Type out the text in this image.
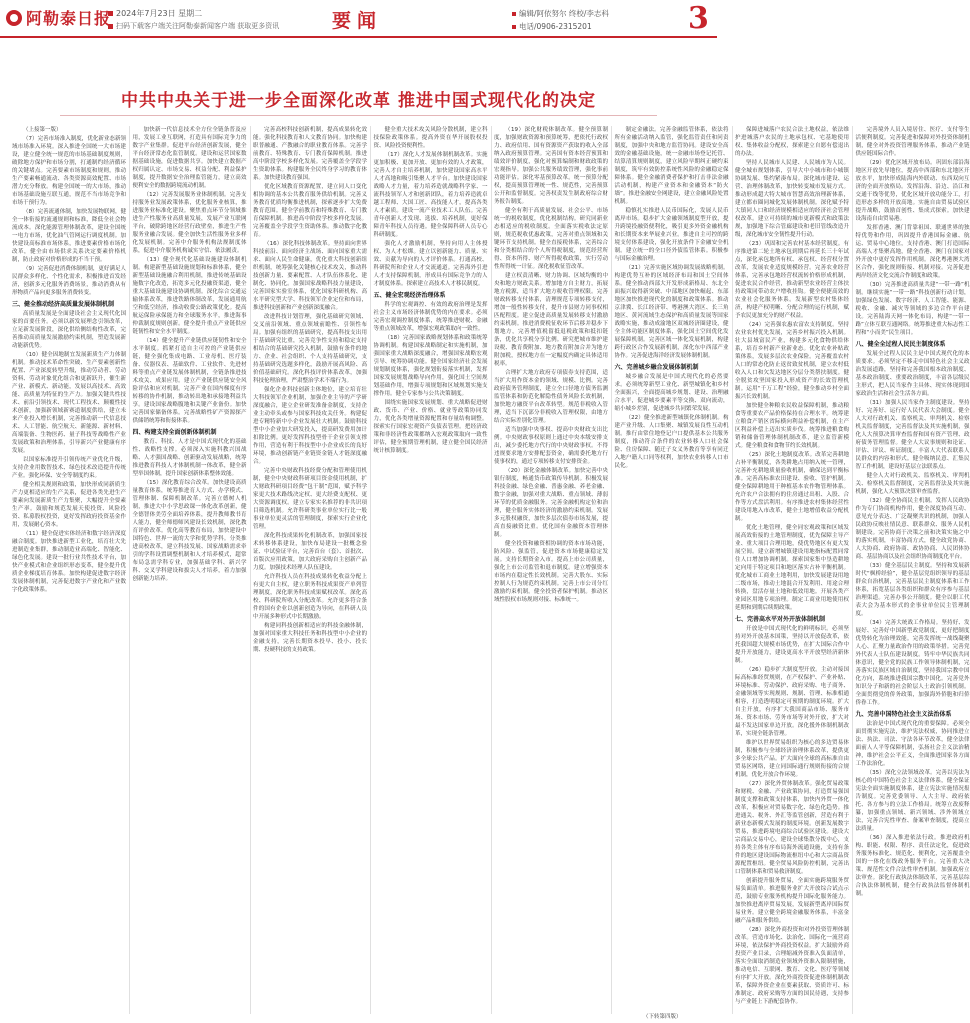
阿勒泰日报 2024年7月23日 星期二
扫码下载客户端关注阿勒泰新闻客户端 获取更多资讯	要闻	编辑/阿依努尔 终校/李志科
电话/0906-2315201	3
中共中央关于进一步全面深化改革 推进中国式现代化的决定

（上接第一版）

（7）完善市场准入制度，优化新业态新领域市场准入环境。深入推进全国统一大市场建设，建立健全统一规范的市场基础制度规则，破除地方保护和市场分割，打通制约经济循环的关键堵点。完善要素市场制度和规则，推动生产要素畅通流动、各类资源高效配置、市场潜力充分释放。构建全国统一的大市场，推动市场基础设施互联互通，规范不当市场竞争和市场干预行为。

（8）完善流通体制，加快发展物联网，健全一体衔接的流通规则和标准，降低全社会物流成本。深化能源管理体制改革，建设全国统一电力市场，优化油气管网运行调度机制。加快建设高标准市场体系，推进要素价格市场化改革，健全由市场供求关系决定要素价格机制，防止政府对价格形成的不当干预。

（9）完善促进消费体制机制，更好满足人民群众多样化、个性化需求，积极推进首发经济，创新多元化服务消费场景，推动消费从有形物质产品向更多服务消费转变。

三、健全推动经济高质量发展体制机制

高质量发展是全面建设社会主义现代化国家的首要任务。必须以新发展理念引领改革，立足新发展阶段，深化供给侧结构性改革，完善推动高质量发展激励约束机制，塑造发展新动能新优势。

（10）健全因地制宜发展新质生产力体制机制。推动技术革命性突破、生产要素创新性配置、产业深度转型升级，推动劳动者、劳动资料、劳动对象优化组合和更新跃升，催生新产业、新模式、新动能，发展以高技术、高效能、高质量为特征的生产力。加强关键共性技术、前沿引领技术、现代工程技术、颠覆性技术创新，加强新领域新赛道制度供给，建立未来产业投入增长机制，完善推动新一代信息技术、人工智能、航空航天、新能源、新材料、高端装备、生物医药、量子科技等战略性产业发展政策和治理体系，引导新兴产业健康有序发展。

以国家标准提升引领传统产业优化升级，支持企业用数智技术、绿色技术改造提升传统产业。强化环保、安全等制度约束。

健全相关规则和政策，加快形成同新质生产力更相适应的生产关系，促进各类先进生产要素向发展新质生产力集聚，大幅提升全要素生产率。鼓励和规范发展天使投资、风险投资、私募股权投资，更好发挥政府投资基金作用，发展耐心资本。

（11）健全促进实体经济和数字经济深度融合制度。加快推进新型工业化，培育壮大先进制造业集群，推动制造业高端化、智能化、绿色化发展。建设一批行业共性技术平台，加快产业模式和企业组织形态变革，健全提升优质企业梯度培育体系。加快构建促进数字经济发展体制机制，完善促进数字产业化和产业数字化政策体系。

加快新一代信息技术全方位全链条普及应用，发展工业互联网，打造具有国际竞争力的数字产业集群。促进平台经济创新发展，健全平台经济常态化监管制度。建设和运营国家数据基础设施，促进数据共享。加快建立数据产权归属认定、市场交易、权益分配、利益保护制度，提升数据安全治理监管能力，建立高效便利安全的数据跨境流动机制。

（12）完善发展服务业体制机制。完善支持服务业发展政策体系，优化服务业核算，推进服务业标准化建设。聚焦重点环节分领域推进生产性服务业高质量发展，发展产业互联网平台，破除跨地区经营行政壁垒，推进生产性服务业融合发展。健全加快生活性服务业多样化发展机制。完善中介服务机构法规制度体系，促进中介服务机构诚实守信、依法履责。

（13）健全现代化基础设施建设体制机制。构建新型基础设施规划和标准体系，健全新型基础设施融合利用机制，推进传统基础设施数字化改造，拓宽多元化投融资渠道，健全重大基础设施建设协调机制。深化综合交通运输体系改革，推进铁路体制改革，发展通用航空和低空经济，推动收费公路政策优化。提高航运保险承保能力和全球服务水平，推进海事仲裁制度规则创新。健全提升重点产业链供应链韧性和安全水平制度。

（14）健全提升产业链供应链韧性和安全水平制度。抓紧打造自主可控的产业链供应链，健全强化集成电路、工业母机、医疗装备、仪器仪表、基础软件、工业软件、先进材料等重点产业链发展体制机制，全链条推进技术攻关、成果应用。建立产业链供应链安全风险评估和应对机制。完善产业在国内梯度有序转移的协作机制，推动转出地和承接地利益共享。建设国家战略腹地和关键产业备份。加快完善国家储备体系。完善战略性矿产资源探产供储销统筹和衔接体系。

四、构建支持全面创新体制机制

教育、科技、人才是中国式现代化的基础性、战略性支撑。必须深入实施科教兴国战略、人才强国战略、创新驱动发展战略，统筹推进教育科技人才体制机制一体改革，健全新型举国体制，提升国家创新体系整体效能。

（15）深化教育综合改革。加快建设高质量教育体系，统筹推进育人方式、办学模式、管理体制、保障机制改革。完善立德树人机制，推进大中小学思政课一体化改革创新，健全德智体美劳全面培养体系，提升教师教书育人能力，健全师德师风建设长效机制，深化教育评价改革。优化高等教育布局，加快建设中国特色、世界一流的大学和优势学科。分类推进高校改革，建立科技发展、国家战略需求牵引的学科设置调整机制和人才培养模式，超常布局急需学科专业，加强基础学科、新兴学科、交叉学科建设和拔尖人才培养，着力加强创新能力培养。

完善高校科技创新机制，提高成果转化效能。强化科技教育和人文教育协同。加快构建职普融通、产教融合的职业教育体系。完善学前教育、特殊教育、专门教育保障机制。推进高中阶段学校多样化发展。完善覆盖全学段学生资助体系。构建服务全民终身学习的教育体系。加快建设教育强国。

优化区域教育资源配置，建立同人口变化相协调的基本公共教育服务供给机制。完善义务教育优质均衡推进机制，探索逐步扩大免费教育范围。健全学前教育和特殊教育、专门教育保障机制。推进高中阶段学校多样化发展。完善覆盖全学段学生资助体系。推动数字化教育。

（16）深化科技体制改革。坚持面向世界科技前沿、面向经济主战场、面向国家重大需求、面向人民生命健康，优化重大科技创新组织机制，统筹强化关键核心技术攻关，推动科技创新力量、要素配置、人才队伍体系化、建制化、协同化。加强国家战略科技力量建设，完善国家实验室体系，优化国家科研机构、高水平研究型大学、科技领军企业定位和布局，推进科技创新和产业创新深度融合。

改进科技计划管理，强化基础研究领域、交叉前沿领域、重点领域前瞻性、引领性布局。加强有组织的基础研究，提高科技支出用于基础研究比重，完善竞争性支持和稳定支持相结合的基础研究投入机制，鼓励有条件的地方、企业、社会组织、个人支持基础研究，支持基础研究选题多样化，鼓励开展高风险、高价值基础研究。深化科技评价体系改革，加强科技伦理治理，严肃整治学术不端行为。

强化企业科技创新主体地位，建立培育壮大科技领军企业机制，加强企业主导的产学研深度融合，建立企业研发准备金制度，支持企业主动牵头或参与国家科技攻关任务。构建促进专精特新中小企业发展壮大机制。鼓励科技型中小企业加大研发投入，提高研发费用加计扣除比例。更好发挥科技型骨干企业引领支撑作用，营造有利于科技型中小企业成长的良好环境，推动创新链产业链资金链人才链深度融合。

完善中央财政科技经费分配和管理使用机制，健全中央财政科研项目资金使用机制，扩大财政科研项目经费“包干制”范围，赋予科学家更大技术路线决定权、更大经费支配权、更大资源调度权。建立专家实名推荐的非共识项目筛选机制。允许科研类事业单位实行比一般事业单位更灵活的管理制度，探索实行企业化管理。

深化科技成果转化机制改革，加强国家技术转移体系建设，加快布局建设一批概念验证、中试验证平台，完善首台（套）、首批次、首版次应用政策，加大政府采购自主创新产品力度。加强技术经理人队伍建设。

允许科技人员在科技成果转化收益分配上有更大自主权，建立职务科技成果资产单列管理制度，深化职务科技成果赋权改革。深化高校、科研院所收入分配改革。允许更多符合条件的国有企业以创新创造为导向，在科研人员中开展多种形式中长期激励。

构建同科技创新相适应的科技金融体制，加强对国家重大科技任务和科技型中小企业的金融支持，完善长期资本投早、投小、投长期、投硬科技的支持政策。

健全重大技术攻关风险分散机制，建立科技保险政策体系。提高外资在华开展股权投资、风险投资便利性。

（17）深化人才发展体制机制改革。实施更加积极、更加开放、更加有效的人才政策，完善人才自主培养机制，加快建设国家高水平人才高地和吸引集聚人才平台。加快建设国家战略人才力量，着力培养造就战略科学家、一流科技领军人才和创新团队，着力培养造就卓越工程师、大国工匠、高技能人才，提高各类人才素质。建设一流产业技术工人队伍。完善青年创新人才发现、选拔、培养机制，更好保障青年科技人员待遇。健全保障科研人员专心科研制度。

强化人才激励机制，坚持向用人主体授权、为人才松绑。建立以创新能力、质量、实效、贡献为导向的人才评价体系。打通高校、科研院所和企业人才交流通道。完善海外引进人才支持保障机制，形成具有国际竞争力的人才制度体系。探索建立高技术人才移民制度。

五、健全宏观经济治理体系

科学的宏观调控、有效的政府治理是发挥社会主义市场经济体制优势的内在要求。必须完善宏观调控制度体系，统筹推进财税、金融等重点领域改革，增强宏观政策取向一致性。

（18）完善国家战略规划体系和政策统筹协调机制。构建国家战略制定和实施机制，加强国家重大战略深度融合，增强国家战略宏观引导、统筹协调功能。健全国家经济社会发展规划制度体系，强化规划衔接落实机制，发挥国家发展规划战略导向作用，强化国土空间规划基础作用，增强专项规划和区域规划实施支撑作用。健全专家参与公共决策制度。

围绕实施国家发展规划、重大战略促进财政、货币、产业、价格、就业等政策协同发力，优化各类增量资源配置和存量结构调整。探索实行国家宏观资产负债表管理。把经济政策和非经济性政策都纳入宏观政策取向一致性评估，健全预期管理机制，建立健全国民经济统计核算制度。

（19）深化财税体制改革。健全预算制度，加强财政资源和预算统筹，把依托行政权力、政府信用、国有资源资产获取的收入全部纳入政府预算管理。完善国有资本经营预算和绩效评价制度，强化对预算编制和财政政策的宏观指导。加强公共服务绩效管理，强化事前功能评估。深化零基预算改革。统一预算分配权，提高预算管理统一性、规范性，完善预算公开和监督制度。完善权责发生制政府综合财务报告制度。

健全有利于高质量发展、社会公平、市场统一的税收制度，优化税制结构。研究同新业态相适应的税收制度。全面落实税收法定原则，规范税收优惠政策，完善对重点领域和关键环节支持机制。健全直接税体系，完善综合和分类相结合的个人所得税制度，规范经营所得、资本所得、财产所得税收政策，实行劳动性所得统一计征。深化税收征管改革。

建立权责清晰、财力协调、区域均衡的中央和地方财政关系。增加地方自主财力，拓展地方税源，适当扩大地方税收管理权限。完善财政转移支付体系，清理规范专项转移支付，增加一般性转移支付，提升市县财力同事权相匹配程度。建立促进高质量发展转移支付激励约束机制。推进消费税征收环节后移并稳步下划地方，完善增值税留抵退税政策和抵扣链条，优化共享税分享比例。研究把城市维护建设税、教育费附加、地方教育附加合并为地方附加税，授权地方在一定幅度内确定具体适用税率。

合理扩大地方政府专项债券支持范围，适当扩大用作资本金的领域、规模、比例。完善政府债务管理制度，建立全口径地方债务监测监管体系和防范化解隐性债务风险长效机制，加快地方融资平台改革转型。规范非税收入管理，适当下沉部分非税收入管理权限，由地方结合实际差别化管理。

适当加强中央事权、提高中央财政支出比例。中央财政事权原则上通过中央本级安排支出，减少委托地方代行的中央财政事权。不得违规要求地方安排配套资金，确需委托地方行使事权的，通过专项转移支付安排资金。

（20）深化金融体制改革。加快完善中央银行制度，畅通货币政策传导机制。积极发展科技金融、绿色金融、普惠金融、养老金融、数字金融，加强对重大战略、重点领域、薄弱环节的优质金融服务。完善金融机构定位和治理，健全服务实体经济的激励约束机制。发展多元股权融资，加快多层次债券市场发展，提高直接融资比重。优化国有金融资本管理体制。

健全投资和融资相协调的资本市场功能，防风险、强监管，促进资本市场健康稳定发展。支持长期资金入市。提高上市公司质量，强化上市公司监管和退市制度。建立增强资本市场内在稳定性长效机制。完善大股东、实际控制人行为规范约束机制。完善上市公司分红激励约束机制。健全投资者保护机制。推动区域性股权市场规则对接、标准统一。

制定金融法。完善金融监管体系，依法将所有金融活动纳入监管，强化监管责任和问责制度，加强中央和地方监管协同。建设安全高效的金融基础设施，统一金融市场登记托管、结算清算规则制度，建立风险早期纠正硬约束制度，筑牢有效防控系统性风险的金融稳定保障体系。健全金融消费者保护和打击非法金融活动机制，构建产业资本和金融资本“防火墙”。推进金融安全网建设，建立金融风险处置机制。

稳慎扎实推进人民币国际化，发展人民币离岸市场。稳步扩大金融领域制度型开放，提升跨境投融资便利化，吸引更多外资金融机构和长期资本来华展业兴业。推进自主可控的跨境支付体系建设，强化开放条件下金融安全机制。建立统一的全口径外债监管体系。积极参与国际金融治理。

（21）完善实施区域协调发展战略机制。构建优势互补的区域经济布局和国土空间体系。健全推动西部大开发形成新格局、东北全面振兴取得新突破、中部地区加快崛起、东部地区加快推进现代化的制度和政策体系。推动京津冀、长江经济带、粤港澳大湾区、长三角地区、黄河流域生态保护和高质量发展等国家战略实施，推动成渝地区双城经济圈建设，健全主体功能区制度体系，强化国土空间优化发展保障机制。完善区域一体化发展机制，构建跨行政区合作发展新机制，深化东中西部产业协作。完善促进海洋经济发展体制机制。

六、完善城乡融合发展体制机制

城乡融合发展是中国式现代化的必然要求。必须统筹新型工业化、新型城镇化和乡村全面振兴，全面提高城乡规划、建设、治理融合水平，促进城乡要素平等交换、双向流动，缩小城乡差别，促进城乡共同繁荣发展。

（22）健全推进新型城镇化体制机制。构建产业升级、人口集聚、城镇发展良性互动机制。推行由常住地登记户口提供基本公共服务制度，推动符合条件的农业转移人口社会保险、住房保障、随迁子女义务教育等享有同迁入地户籍人口同等权利，加快农业转移人口市民化。

保障进城落户农民合法土地权益，依法维护进城落户农民的土地承包权、宅基地使用权、集体收益分配权，探索建立自愿有偿退出的办法。

坚持人民城市人民建、人民城市为人民。健全城市规划体系，引导大中小城市和小城镇协调发展、集约紧凑布局。深化城市建设、运营、治理体制改革，加快转变城市发展方式。推动形成超大特大城市智慧高效治理新体系，建立都市圈同城化发展体制机制。深化赋予特大镇同人口和经济规模相适应的经济社会管理权改革。建立可持续的城市更新模式和政策法规，加强地下综合管廊建设和老旧管线改造升级，深化城市安全韧性提升行动。

（23）巩固和完善农村基本经营制度。有序推进第二轮土地承包到期后再延长三十年试点，深化承包地所有权、承包权、经营权分置改革，发展农业适度规模经营。完善农业经营体系，完善承包地经营权流转价格形成机制，促进农民合作经营，推动新型农业经营主体扶持政策同带动农户增收挂钩。健全便捷高效的农业社会化服务体系。发展新型农村集体经济，构建产权明晰、分配合理的运行机制，赋予农民更加充分的财产权益。

（24）完善强农惠农富农支持制度。坚持农业农村优先发展，完善乡村振兴投入机制。壮大县域富民产业，构建多元化食物供给体系，培育乡村新产业新业态。优化农业补贴政策体系，发展多层次农业保险。完善覆盖农村人口的常态化防止返贫致贫机制，建立农村低收入人口和欠发达地区分层分类帮扶制度。健全脱贫攻坚国家投入形成资产的长效管理机制。运用“千万工程”经验，健全推动乡村全面振兴长效机制。

加快健全种粮农民收益保障机制，推动粮食等重要农产品价格保持在合理水平。统筹建立粮食产销区省际横向利益补偿机制，在主产区利益补偿上迈出实质步伐。统筹推进粮食购销和储备管理体制机制改革，建立监管新模式。健全粮食和食物节约长效机制。

（25）深化土地制度改革。改革完善耕地占补平衡制度，各类耕地占用纳入统一管理，完善补充耕地质量验收机制，确保达到平衡标准。完善高标准农田建设、验收、管护机制。健全保障耕地用于种植基本农作物管理体系。允许农户合法拥有的住房通过出租、入股、合作等方式盘活利用。有序推进农村集体经营性建设用地入市改革，健全土地增值收益分配机制。

优化土地管理，健全同宏观政策和区域发展高效衔接的土地管理制度，优先保障主导产业、重大项目合理用地，使优势地区有更大发展空间。建立新增城镇建设用地指标配置同常住人口增加协调机制。探索国家集中垦造耕地定向用于特定项目和地区落实占补平衡机制。优化城市工商业土地利用，加快发展建设用地二级市场，推动土地混合开发利用、用途合理转换，盘活存量土地和低效用地。开展各类产业园区用地专项治理。制定工商业用地使用权延期和到期后续期政策。

七、完善高水平对外开放体制机制

开放是中国式现代化的鲜明标识。必须坚持对外开放基本国策，坚持以开放促改革，依托我国超大规模市场优势，在扩大国际合作中提升开放能力，建设更高水平开放型经济新体制。

（26）稳步扩大制度型开放。主动对接国际高标准经贸规则，在产权保护、产业补贴、环境标准、劳动保护、政府采购、电子商务、金融领域等实现规则、规制、管理、标准相通相容，打造透明稳定可预期的制度环境。扩大自主开放，有序扩大我国商品市场、服务市场、资本市场、劳务市场等对外开放，扩大对最不发达国家单边开放。深化援外体制机制改革，实现全链条管理。

维护以世界贸易组织为核心的多边贸易体制，积极参与全球经济治理体系改革，提供更多全球公共产品。扩大面向全球的高标准自由贸易区网络，建立同国际通行规则衔接的合规机制，优化开放合作环境。

（27）深化外贸体制改革。强化贸易政策和财税、金融、产业政策协同，打造贸易强国制度支撑和政策支持体系，加快内外贸一体化改革，积极应对贸易数字化、绿色化趋势。推进通关、税务、外汇等监管创新，营造有利于新业态新模式发展的制度环境。创新发展数字贸易，推进跨境电商综合试验区建设。建设大宗商品交易中心，建设全球集散分拨中心，支持各类主体有序布局海外流通设施，支持有条件的地区建设国际物流枢纽中心和大宗商品资源配置枢纽。健全贸易风险防控机制，完善出口管制体系和贸易救济制度。

创新提升服务贸易，全面实施跨境服务贸易负面清单。推进服务业扩大开放综合试点示范，鼓励专业服务机构提升国际化服务能力。加快推进离岸贸易发展，发展新型离岸国际贸易业务。建立健全跨境金融服务体系，丰富金融产品和服务供给。

（28）深化外商投资和对外投资管理体制改革。营造市场化、法治化、国际化一流营商环境，依法保护外商投资权益。扩大鼓励外商投资产业目录，合理缩减外资准入负面清单，落实全面取消制造业领域外资准入限制措施，推动电信、互联网、教育、文化、医疗等领域有序扩大开放。深化外商投资促进体制机制改革，保障外资企业在要素获取、资质许可、标准制定、政府采购等方面的国民待遇，支持参与产业链上下游配套协作。

完善境外人员入境居住、医疗、支付等生活便利制度。完善促进和保障对外投资体制机制，健全对外投资管理服务体系，推动产业链供应链国际合作。

（29）优化区域开放布局。巩固东部沿海地区开放先导地位，提高中西部和东北地区开放水平，加快形成陆海内外联动、东西双向互济的全面开放格局。发挥沿海、沿边、沿江和交通干线等优势，优化区域开放功能分工，打造形态多样的开放高地。实施自由贸易试验区提升战略，鼓励首创性、集成式探索。加快建设海南自由贸易港。

发挥香港、澳门背靠祖国、联通世界的独特优势和作用，巩固提升香港国际金融、航运、贸易中心地位，支持香港、澳门打造国际高端人才集聚高地，健全香港、澳门在国家对外开放中更好发挥作用机制。深化粤港澳大湾区合作，强化规则衔接、机制对接。完善促进两岸经济文化交流合作制度和政策。

（30）完善推进高质量共建“一带一路”机制。继续实施“一带一路”科技创新行动计划，加强绿色发展、数字经济、人工智能、能源、税收、金融、减灾等领域的多边合作平台建设。完善陆海天网一体化布局，构建“一带一路”立体互联互通网络。统筹推进重大标志性工程和“小而美”民生项目。

八、健全全过程人民民主制度体系

发展全过程人民民主是中国式现代化的本质要求。必须坚定不移走中国特色社会主义政治发展道路，坚持和完善我国根本政治制度、基本政治制度、重要政治制度，丰富各层级民主形式，把人民当家作主具体、现实体现到国家政治生活和社会生活各方面。

（31）加强人民当家作主制度建设。坚持好、完善好、运行好人民代表大会制度。健全人大对行政机关、监察机关、审判机关、检察机关监督制度，完善监督法及其实施机制，强化人大预算决算审查监督和国有资产管理、政府债务管理监督。健全人大议事规则和论证、评估、评议、听证制度。丰富人大代表联系人民群众的内容和形式。健全吸纳民意、汇集民智工作机制，建设好基层立法联系点。

健全人大对行政机关、监察机关、审判机关、检察机关监督制度，完善监督法及其实施机制，强化人大预算决算审查监督。

（32）健全协商民主机制。发挥人民政协作为专门协商机构作用，健全深度协商互动、意见充分表达、广泛凝聚共识的机制，加强人民政协反映社情民意、联系群众、服务人民机制建设。完善协商于决策之前和决策实施之中的落实机制，丰富协商方式，健全政党协商、人大协商、政府协商、政协协商、人民团体协商、基层协商以及社会组织协商制度化平台。

（33）健全基层民主制度。坚持和发展新时代“枫桥经验”，健全基层党组织领导的基层群众自治机制，完善基层民主制度体系和工作体系，拓宽基层各类组织和群众有序参与基层治理渠道。完善办事公开制度。健全以职工代表大会为基本形式的企事业单位民主管理制度。

（34）完善大统战工作格局。坚持好、发展好、完善好中国新型政党制度，更好把制度优势转化为治理效能。完善发挥统一战线凝聚人心、汇聚力量政治作用的政策举措。完善党外代表人士队伍建设制度。铸牢中华民族共同体意识，健全党的民族工作领导体制机制，完善落实民族区域自治制度，坚持我国宗教中国化方向，系统推进我国宗教中国化。完善党外知识分子和新的社会阶层人士政治引领机制。全面贯彻党的侨务政策，加强海外侨胞和归侨侨眷工作。

九、完善中国特色社会主义法治体系

法治是中国式现代化的重要保障。必须全面贯彻实施宪法，维护宪法权威，协同推进立法、执法、司法、守法各环节改革，健全法律面前人人平等保障机制，弘扬社会主义法治精神，维护社会公平正义，全面推进国家各方面工作法治化。

（35）深化立法领域改革。完善以宪法为核心的中国特色社会主义法律体系，健全保证宪法全面实施制度体系，建立宪法实施情况报告制度。完善党委领导、人大主导、政府依托、各方参与的立法工作格局。统筹立改废释纂，加强重点领域、新兴领域、涉外领域立法，完善合宪性审查、备案审查制度，提高立法质量。

（36）深入推进依法行政。推进政府机构、职能、权限、程序、责任法定化，促进政务服务标准化、规范化、便利化，完善覆盖全国的一体化在线政务服务平台。完善重大决策、规范性文件合法性审查机制。加强政府立法审查。深化行政执法体制改革，完善基层综合执法体制机制，健全行政执法监督体制机制。

（下转第四版）
